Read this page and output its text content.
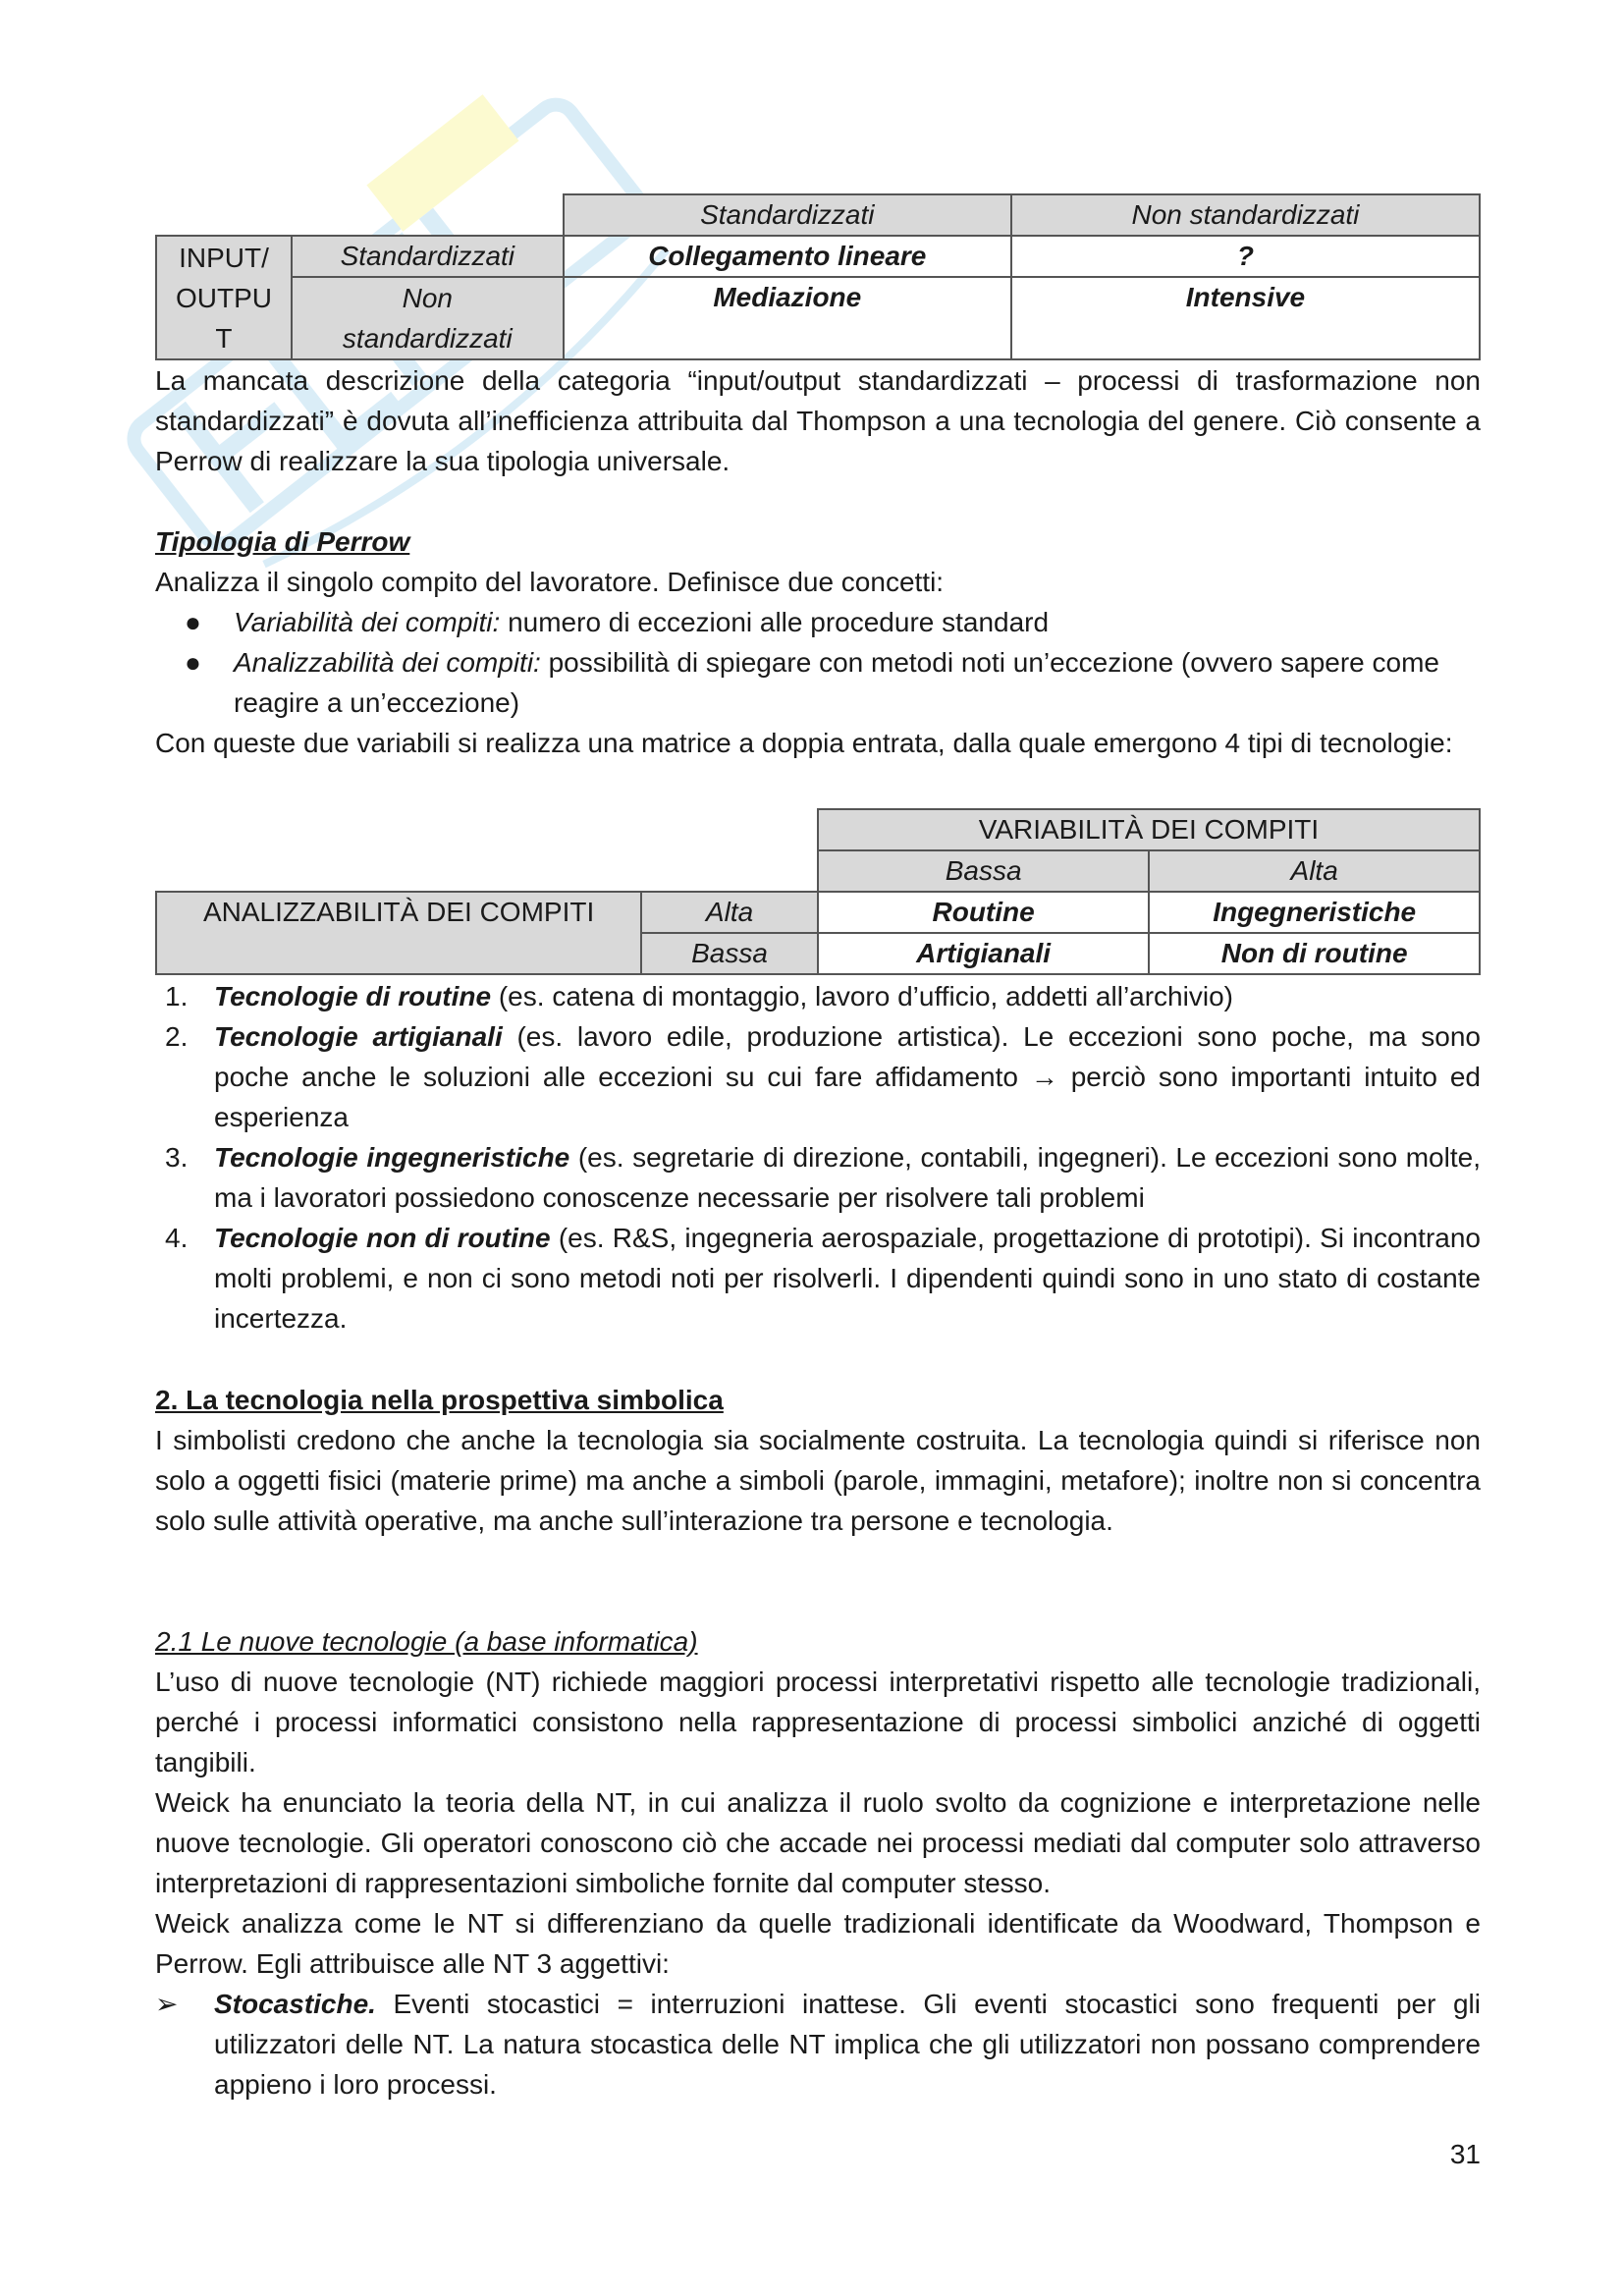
		Standardizzati	Non standardizzati
INPUT/ OUTPU T	Standardizzati	Collegamento lineare	?
	Non standardizzati	Mediazione	Intensive

La mancata descrizione della categoria “input/output standardizzati – processi di trasformazione non standardizzati” è dovuta all’inefficienza attribuita dal Thompson a una tecnologia del genere. Ciò consente a Perrow di realizzare la sua tipologia universale.

Tipologia di Perrow

Analizza il singolo compito del lavoratore. Definisce due concetti:

● Variabilità dei compiti: numero di eccezioni alle procedure standard
● Analizzabilità dei compiti: possibilità di spiegare con metodi noti un’eccezione (ovvero sapere come reagire a un’eccezione)

Con queste due variabili si realizza una matrice a doppia entrata, dalla quale emergono 4 tipi di tecnologie:

		VARIABILITÀ DEI COMPITI	
		Bassa	Alta
ANALIZZABILITÀ DEI COMPITI	Alta	Routine	Ingegneristiche
	Bassa	Artigianali	Non di routine
1. Tecnologie di routine (es. catena di montaggio, lavoro d’ufficio, addetti all’archivio)
2. Tecnologie artigianali (es. lavoro edile, produzione artistica). Le eccezioni sono poche, ma sono poche anche le soluzioni alle eccezioni su cui fare affidamento → perciò sono importanti intuito ed esperienza
3. Tecnologie ingegneristiche (es. segretarie di direzione, contabili, ingegneri). Le eccezioni sono molte, ma i lavoratori possiedono conoscenze necessarie per risolvere tali problemi
4. Tecnologie non di routine (es. R&S, ingegneria aerospaziale, progettazione di prototipi). Si incontrano molti problemi, e non ci sono metodi noti per risolverli. I dipendenti quindi sono in uno stato di costante incertezza.

2. La tecnologia nella prospettiva simbolica

I simbolisti credono che anche la tecnologia sia socialmente costruita. La tecnologia quindi si riferisce non solo a oggetti fisici (materie prime) ma anche a simboli (parole, immagini, metafore); inoltre non si concentra solo sulle attività operative, ma anche sull’interazione tra persone e tecnologia.

2.1 Le nuove tecnologie (a base informatica)

L’uso di nuove tecnologie (NT) richiede maggiori processi interpretativi rispetto alle tecnologie tradizionali, perché i processi informatici consistono nella rappresentazione di processi simbolici anziché di oggetti tangibili.

Weick ha enunciato la teoria della NT, in cui analizza il ruolo svolto da cognizione e interpretazione nelle nuove tecnologie. Gli operatori conoscono ciò che accade nei processi mediati dal computer solo attraverso interpretazioni di rappresentazioni simboliche fornite dal computer stesso.

Weick analizza come le NT si differenziano da quelle tradizionali identificate da Woodward, Thompson e Perrow. Egli attribuisce alle NT 3 aggettivi:

➢ Stocastiche. Eventi stocastici = interruzioni inattese. Gli eventi stocastici sono frequenti per gli utilizzatori delle NT. La natura stocastica delle NT implica che gli utilizzatori non possano comprendere appieno i loro processi.
31
